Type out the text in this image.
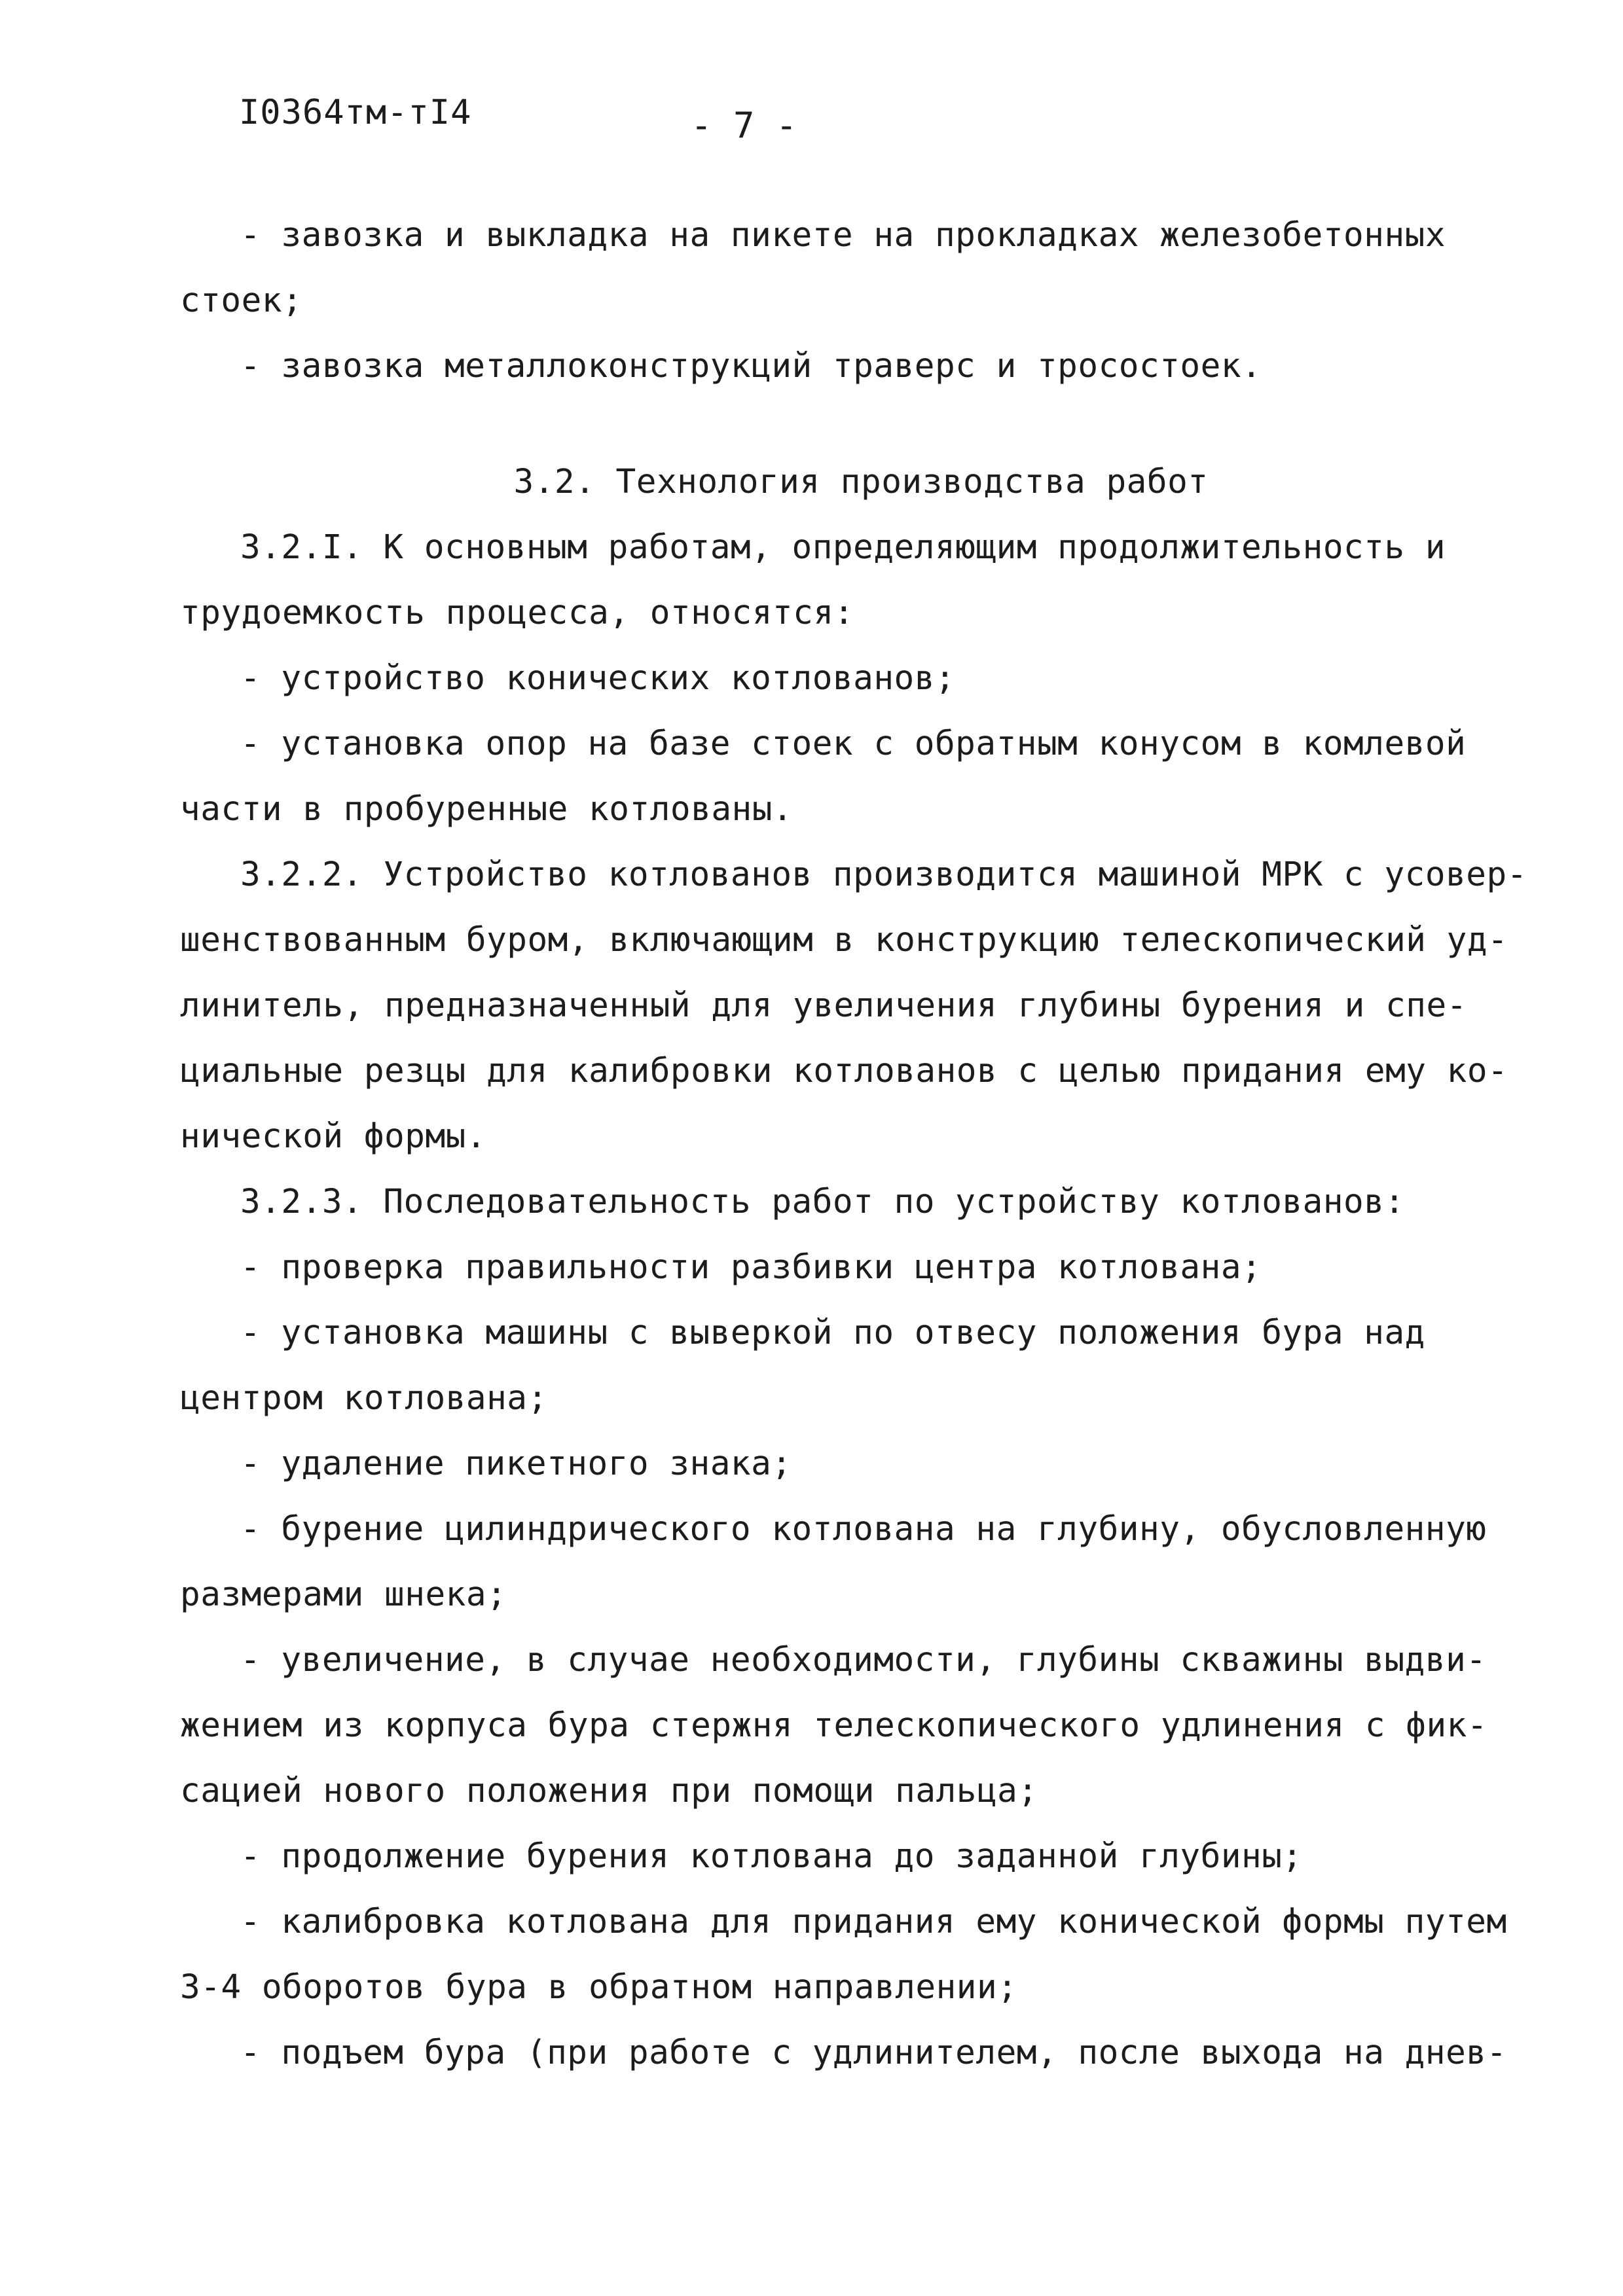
I0364тм-тI4	- 7 -
- завозка и выкладка на пикете на прокладках железобетонных
стоек;
- завозка металлоконструкций траверс и тросостоек.
3.2. Технология производства работ
3.2.I. К основным работам, определяющим продолжительность и
трудоемкость процесса, относятся:
- устройство конических котлованов;
- установка опор на базе стоек с обратным конусом в комлевой
части в пробуренные котлованы.
3.2.2. Устройство котлованов производится машиной МРК с усовер-
шенствованным буром, включающим в конструкцию телескопический уд-
линитель, предназначенный для увеличения глубины бурения и спе-
циальные резцы для калибровки котлованов с целью придания ему ко-
нической формы.
3.2.3. Последовательность работ по устройству котлованов:
- проверка правильности разбивки центра котлована;
- установка машины с выверкой по отвесу положения бура над
центром котлована;
- удаление пикетного знака;
- бурение цилиндрического котлована на глубину, обусловленную
размерами шнека;
- увеличение, в случае необходимости, глубины скважины выдви-
жением из корпуса бура стержня телескопического удлинения с фик-
сацией нового положения при помощи пальца;
- продолжение бурения котлована до заданной глубины;
- калибровка котлована для придания ему конической формы путем
3-4 оборотов бура в обратном направлении;
- подъем бура (при работе с удлинителем, после выхода на днев-
